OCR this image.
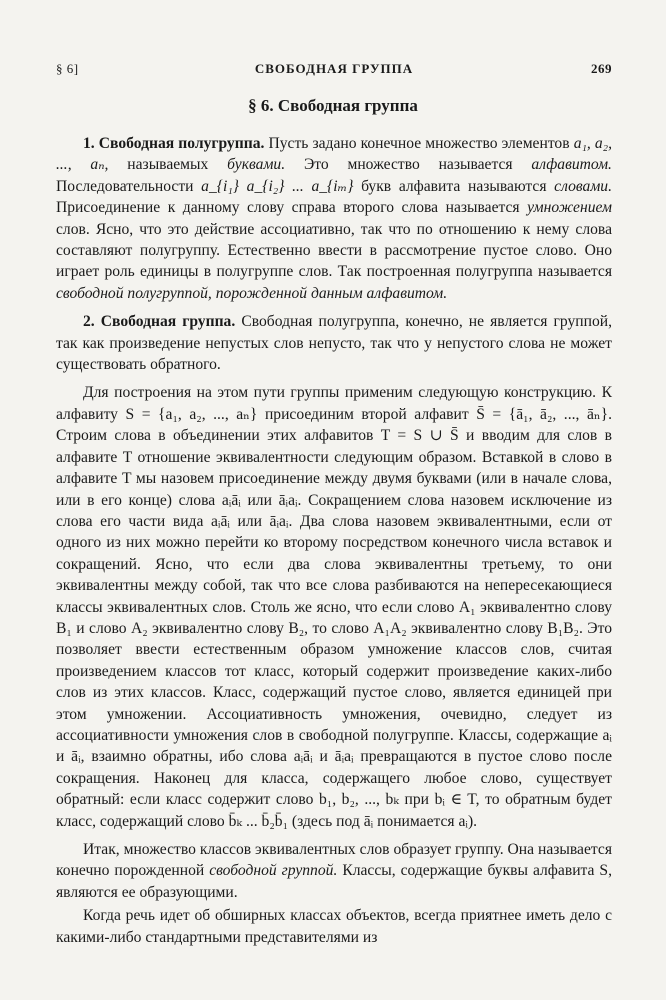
§ 6]	СВОБОДНАЯ ГРУППА	269
§ 6. Свободная группа

1. Свободная полугруппа. Пусть задано конечное множество элементов a₁, a₂, ..., aₙ, называемых буквами. Это множество называется алфавитом. Последовательности a_{i₁} a_{i₂} ... a_{iₘ} букв алфавита называются словами. Присоединение к данному слову справа второго слова называется умножением слов. Ясно, что это действие ассоциативно, так что по отношению к нему слова составляют полугруппу. Естественно ввести в рассмотрение пустое слово. Оно играет роль единицы в полугруппе слов. Так построенная полугруппа называется свободной полугруппой, порожденной данным алфавитом.

2. Свободная группа. Свободная полугруппа, конечно, не является группой, так как произведение непустых слов непусто, так что у непустого слова не может существовать обратного.

Для построения на этом пути группы применим следующую конструкцию. К алфавиту S = {a₁, a₂, ..., aₙ} присоединим второй алфавит S̄ = {ā₁, ā₂, ..., āₙ}. Строим слова в объединении этих алфавитов T = S ∪ S̄ и вводим для слов в алфавите T отношение эквивалентности следующим образом. Вставкой в слово в алфавите T мы назовем присоединение между двумя буквами (или в начале слова, или в его конце) слова aᵢāᵢ или āᵢaᵢ. Сокращением слова назовем исключение из слова его части вида aᵢāᵢ или āᵢaᵢ. Два слова назовем эквивалентными, если от одного из них можно перейти ко второму посредством конечного числа вставок и сокращений. Ясно, что если два слова эквивалентны третьему, то они эквивалентны между собой, так что все слова разбиваются на непересекающиеся классы эквивалентных слов. Столь же ясно, что если слово A₁ эквивалентно слову B₁ и слово A₂ эквивалентно слову B₂, то слово A₁A₂ эквивалентно слову B₁B₂. Это позволяет ввести естественным образом умножение классов слов, считая произведением классов тот класс, который содержит произведение каких-либо слов из этих классов. Класс, содержащий пустое слово, является единицей при этом умножении. Ассоциативность умножения, очевидно, следует из ассоциативности умножения слов в свободной полугруппе. Классы, содержащие aᵢ и āᵢ, взаимно обратны, ибо слова aᵢāᵢ и āᵢaᵢ превращаются в пустое слово после сокращения. Наконец для класса, содержащего любое слово, существует обратный: если класс содержит слово b₁, b₂, ..., bₖ при bᵢ ∈ T, то обратным будет класс, содержащий слово b̄ₖ ... b̄₂b̄₁ (здесь под āᵢ понимается aᵢ).

Итак, множество классов эквивалентных слов образует группу. Она называется конечно порожденной свободной группой. Классы, содержащие буквы алфавита S, являются ее образующими.

Когда речь идет об обширных классах объектов, всегда приятнее иметь дело с какими-либо стандартными представителями из
